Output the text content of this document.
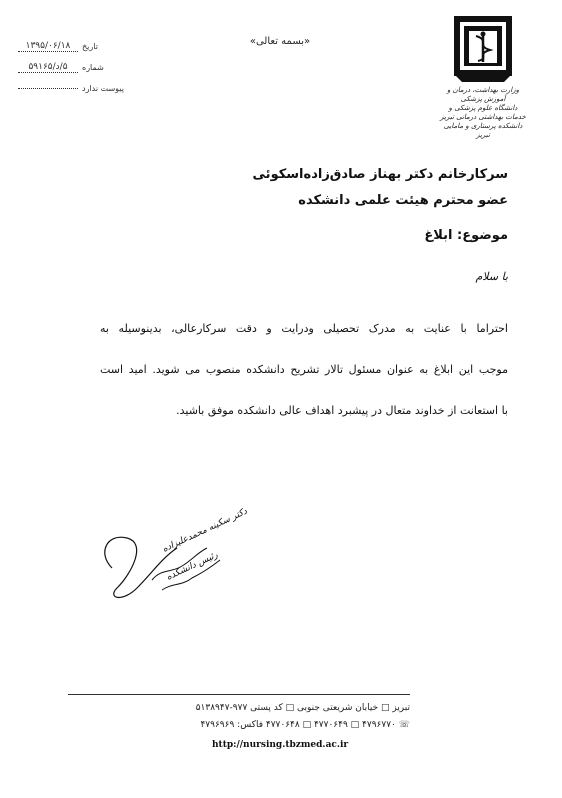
وزارت بهداشت، درمان و آموزش پزشکی
دانشگاه علوم پزشکی و خدمات بهداشتی درمانی تبریز
دانشکده پرستاری و مامایی تبریز
«بسمه تعالی»
تاریخ
۱۳۹۵/۰۶/۱۸
شماره
۵/د/۵۹۱۶۵
پیوست ندارد
سرکارخانم دکتر بهناز صادق‌زاده‌اسکوئی
عضو محترم هیئت علمی دانشکده
موضوع: ابلاغ
با سلام
احتراما با عنایت به مدرک تحصیلی ودرایت و دقت سرکارعالی، بدینوسیله به
موجب این ابلاغ به عنوان مسئول تالار تشریح دانشکده منصوب می شوید. امید است
با استعانت از خداوند متعال در پیشبرد اهداف عالی دانشکده موفق باشید.
دکتر سکینه محمدعلیزاده
رئیس دانشکده
تبریز □ خیابان شریعتی جنوبی □ کد پستی ۹۷۷-۵۱۳۸۹۴۷
☏ ۴۷۹۶۷۷۰ □ ۴۷۷۰۶۴۹ □ ۴۷۷۰۶۴۸ فاکس: ۴۷۹۶۹۶۹
http://nursing.tbzmed.ac.ir
